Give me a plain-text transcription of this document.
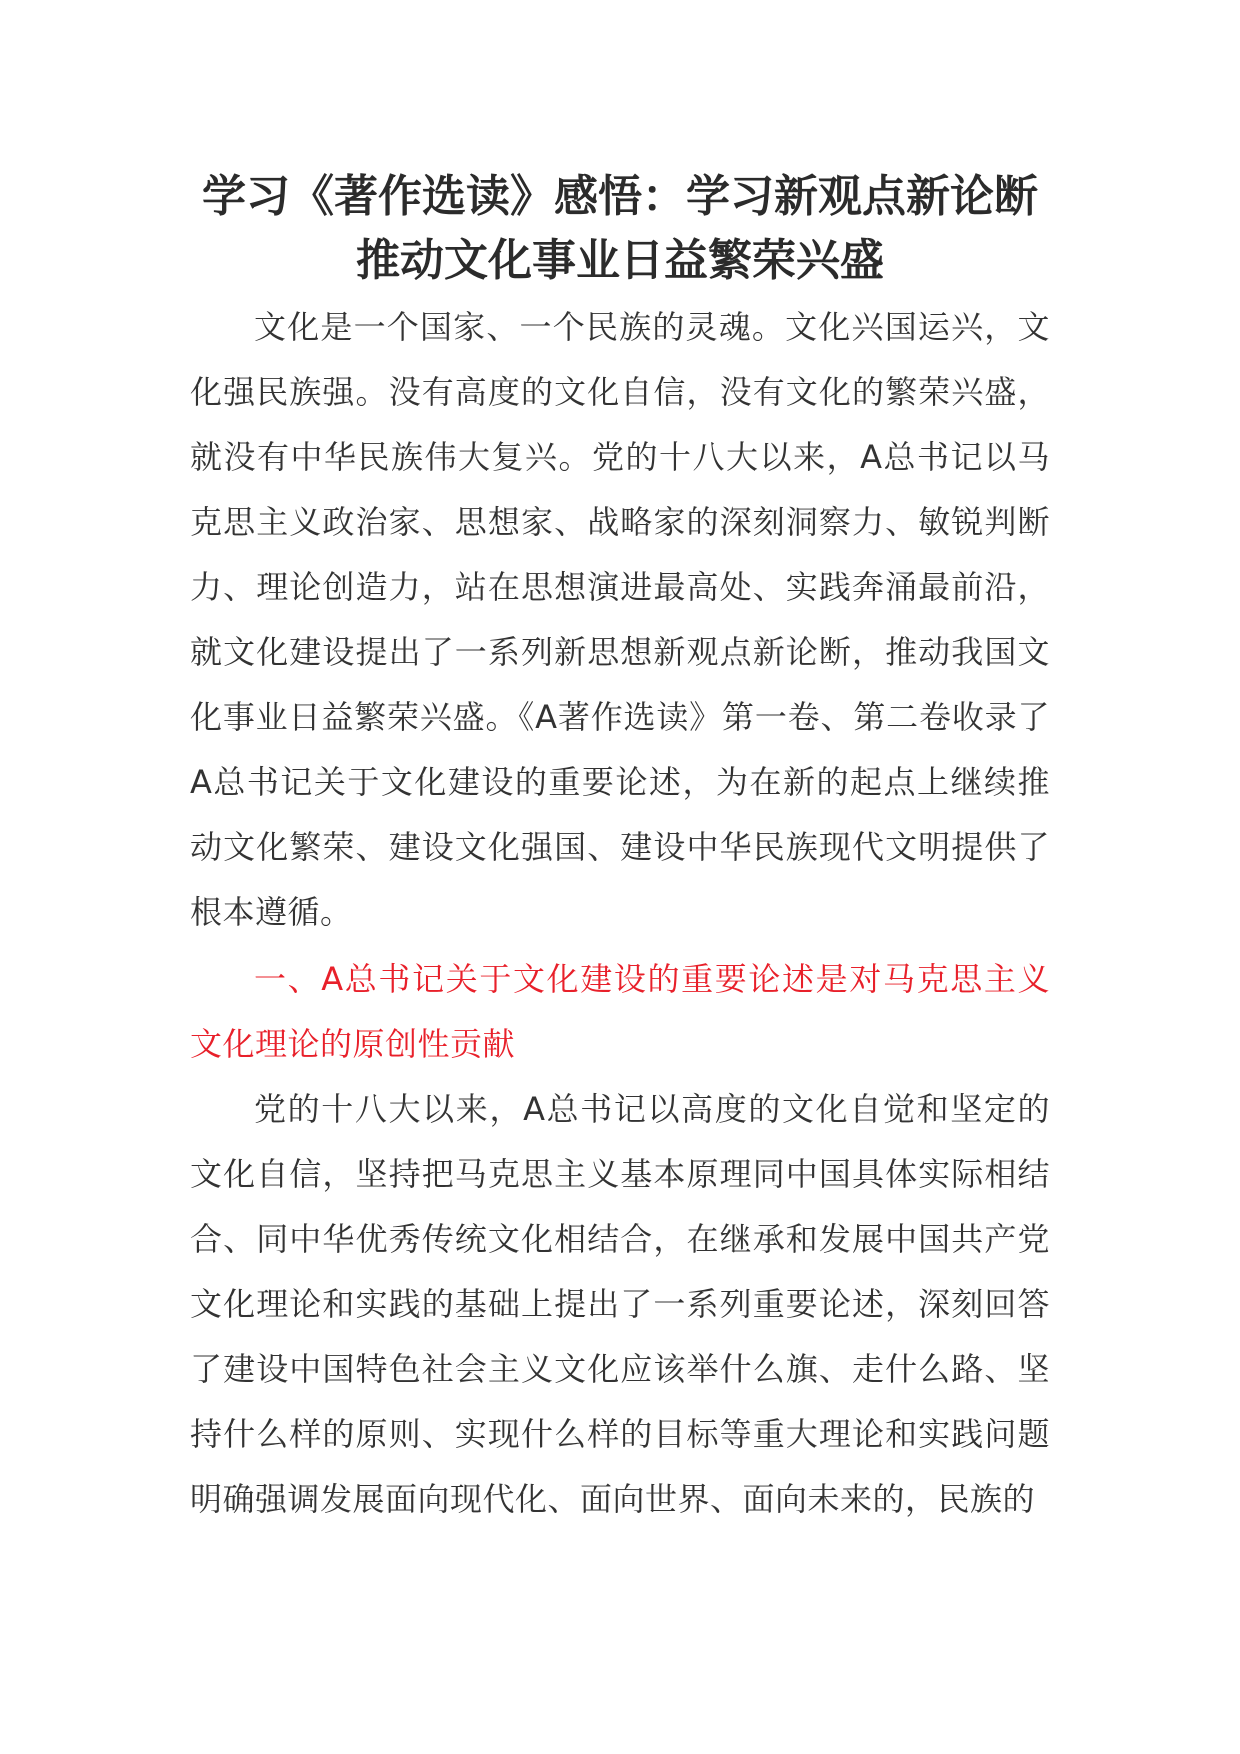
学习《著作选读》感悟：学习新观点新论断
推动文化事业日益繁荣兴盛

文化是一个国家、一个民族的灵魂。文化兴国运兴，文化强民族强。没有高度的文化自信，没有文化的繁荣兴盛，就没有中华民族伟大复兴。党的十八大以来，A总书记以马克思主义政治家、思想家、战略家的深刻洞察力、敏锐判断力、理论创造力，站在思想演进最高处、实践奔涌最前沿，就文化建设提出了一系列新思想新观点新论断，推动我国文化事业日益繁荣兴盛。《A著作选读》第一卷、第二卷收录了A总书记关于文化建设的重要论述，为在新的起点上继续推动文化繁荣、建设文化强国、建设中华民族现代文明提供了根本遵循。

一、A总书记关于文化建设的重要论述是对马克思主义文化理论的原创性贡献

党的十八大以来，A总书记以高度的文化自觉和坚定的文化自信，坚持把马克思主义基本原理同中国具体实际相结合、同中华优秀传统文化相结合，在继承和发展中国共产党文化理论和实践的基础上提出了一系列重要论述，深刻回答了建设中国特色社会主义文化应该举什么旗、走什么路、坚持什么样的原则、实现什么样的目标等重大理论和实践问题明确强调发展面向现代化、面向世界、面向未来的，民族的
